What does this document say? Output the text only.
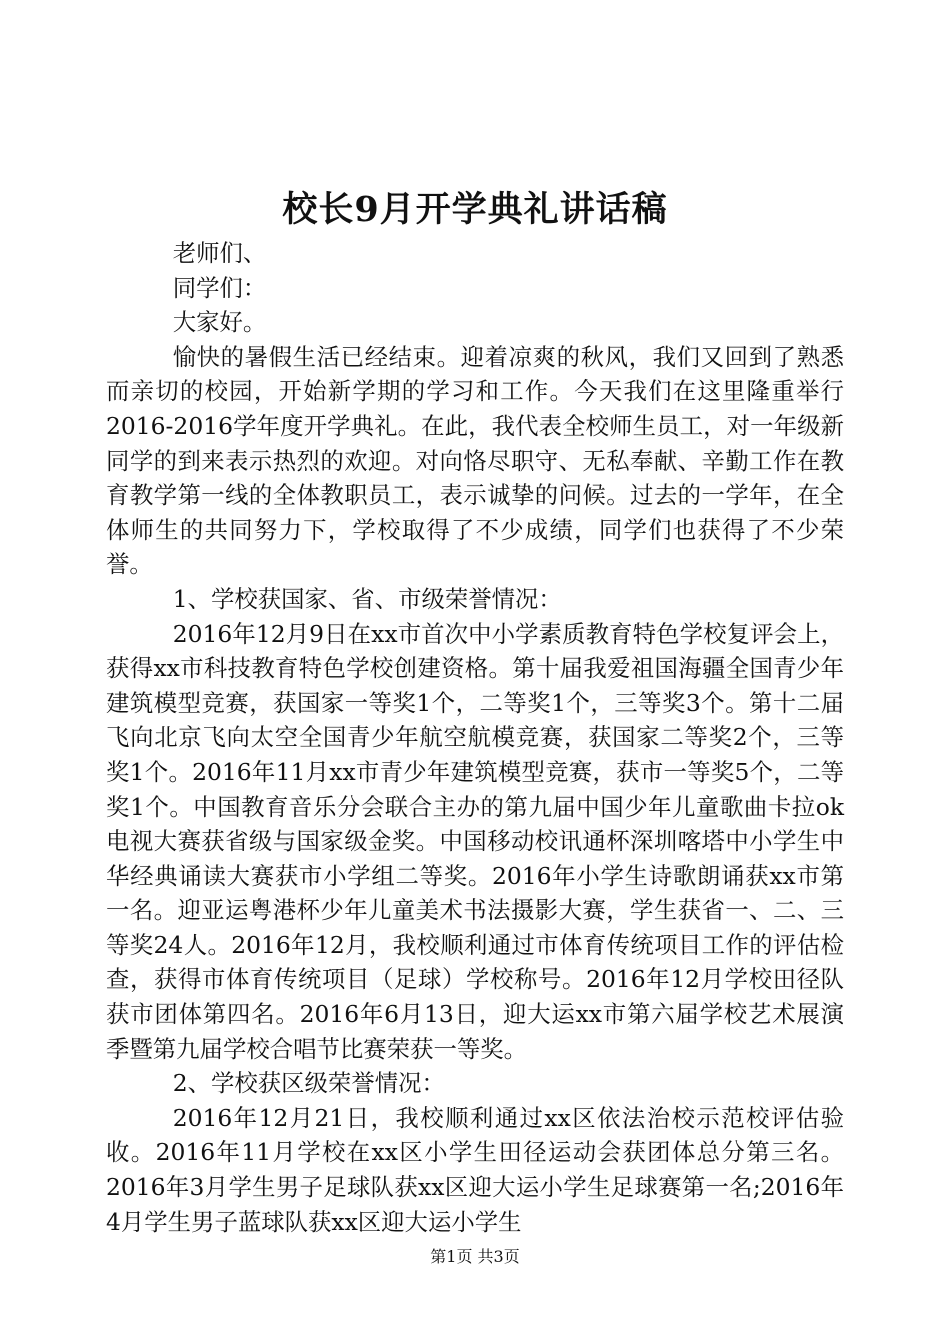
校长9月开学典礼讲话稿

老师们、

同学们：

大家好。

愉快的暑假生活已经结束。迎着凉爽的秋风，我们又回到了熟悉而亲切的校园，开始新学期的学习和工作。今天我们在这里隆重举行2016-2016学年度开学典礼。在此，我代表全校师生员工，对一年级新同学的到来表示热烈的欢迎。对向恪尽职守、无私奉献、辛勤工作在教育教学第一线的全体教职员工，表示诚挚的问候。过去的一学年，在全体师生的共同努力下，学校取得了不少成绩，同学们也获得了不少荣誉。

1、学校获国家、省、市级荣誉情况：

2016年12月9日在xx市首次中小学素质教育特色学校复评会上，获得xx市科技教育特色学校创建资格。第十届我爱祖国海疆全国青少年建筑模型竞赛，获国家一等奖1个，二等奖1个，三等奖3个。第十二届飞向北京飞向太空全国青少年航空航模竞赛，获国家二等奖2个，三等奖1个。2016年11月xx市青少年建筑模型竞赛，获市一等奖5个，二等奖1个。中国教育音乐分会联合主办的第九届中国少年儿童歌曲卡拉ok电视大赛获省级与国家级金奖。中国移动校讯通杯深圳喀塔中小学生中华经典诵读大赛获市小学组二等奖。2016年小学生诗歌朗诵获xx市第一名。迎亚运粤港杯少年儿童美术书法摄影大赛，学生获省一、二、三等奖24人。2016年12月，我校顺利通过市体育传统项目工作的评估检查，获得市体育传统项目（足球）学校称号。2016年12月学校田径队获市团体第四名。2016年6月13日，迎大运xx市第六届学校艺术展演季暨第九届学校合唱节比赛荣获一等奖。

2、学校获区级荣誉情况：

2016年12月21日，我校顺利通过xx区依法治校示范校评估验收。2016年11月学校在xx区小学生田径运动会获团体总分第三名。2016年3月学生男子足球队获xx区迎大运小学生足球赛第一名;2016年4月学生男子蓝球队获xx区迎大运小学生

第1页 共3页
